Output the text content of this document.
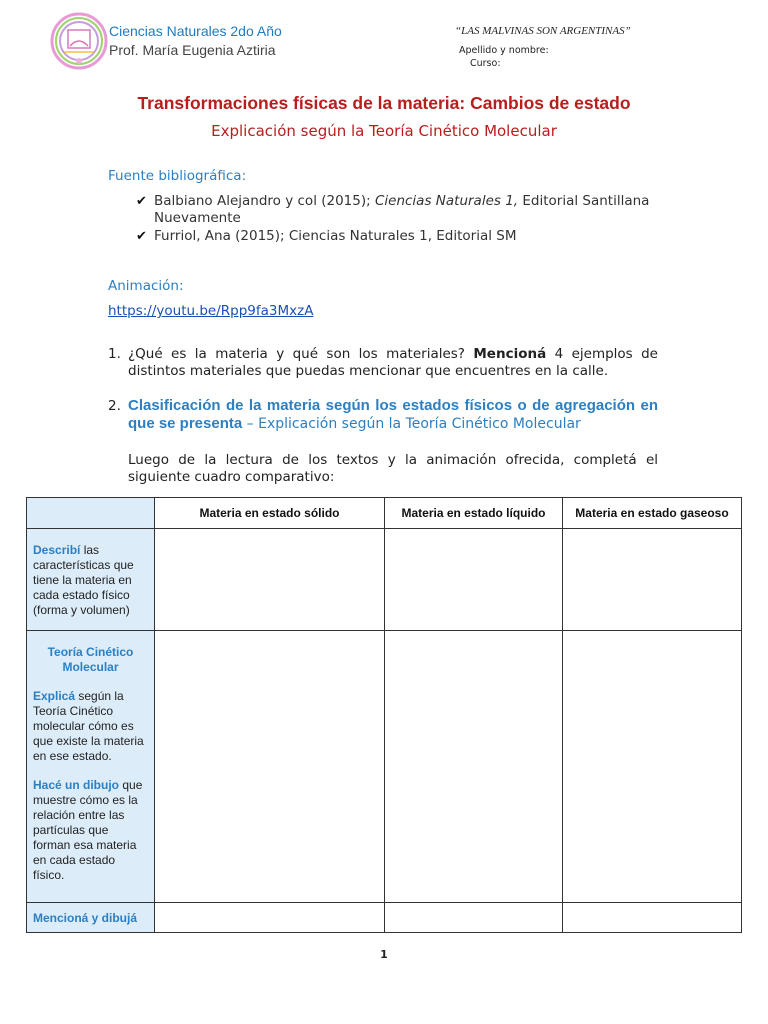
Ciencias Naturales 2do Año
Prof. María Eugenia Aztiria
“LAS MALVINAS SON ARGENTINAS”
Apellido y nombre:
Curso:
Transformaciones físicas de la materia: Cambios de estado
Explicación según la Teoría Cinético Molecular
Fuente bibliográfica:
✔ Balbiano Alejandro y col (2015); Ciencias Naturales 1, Editorial Santillana
Nuevamente
✔ Furriol, Ana (2015); Ciencias Naturales 1, Editorial SM
Animación:
https://youtu.be/Rpp9fa3MxzA
1. ¿Qué es la materia y qué son los materiales? Mencioná 4 ejemplos de distintos materiales que puedas mencionar que encuentres en la calle.
2. Clasificación de la materia según los estados físicos o de agregación en que se presenta – Explicación según la Teoría Cinético Molecular
Luego de la lectura de los textos y la animación ofrecida, completá el siguiente cuadro comparativo:
	Materia en estado sólido	Materia en estado líquido	Materia en estado gaseoso

Describí las características que tiene la materia en cada estado físico (forma y volumen)			

Teoría Cinético Molecular
Explicá según la Teoría Cinético molecular cómo es que existe la materia en ese estado.
Hacé un dibujo que muestre cómo es la relación entre las partículas que forman esa materia en cada estado físico.			

Mencioná y dibujá			

1
